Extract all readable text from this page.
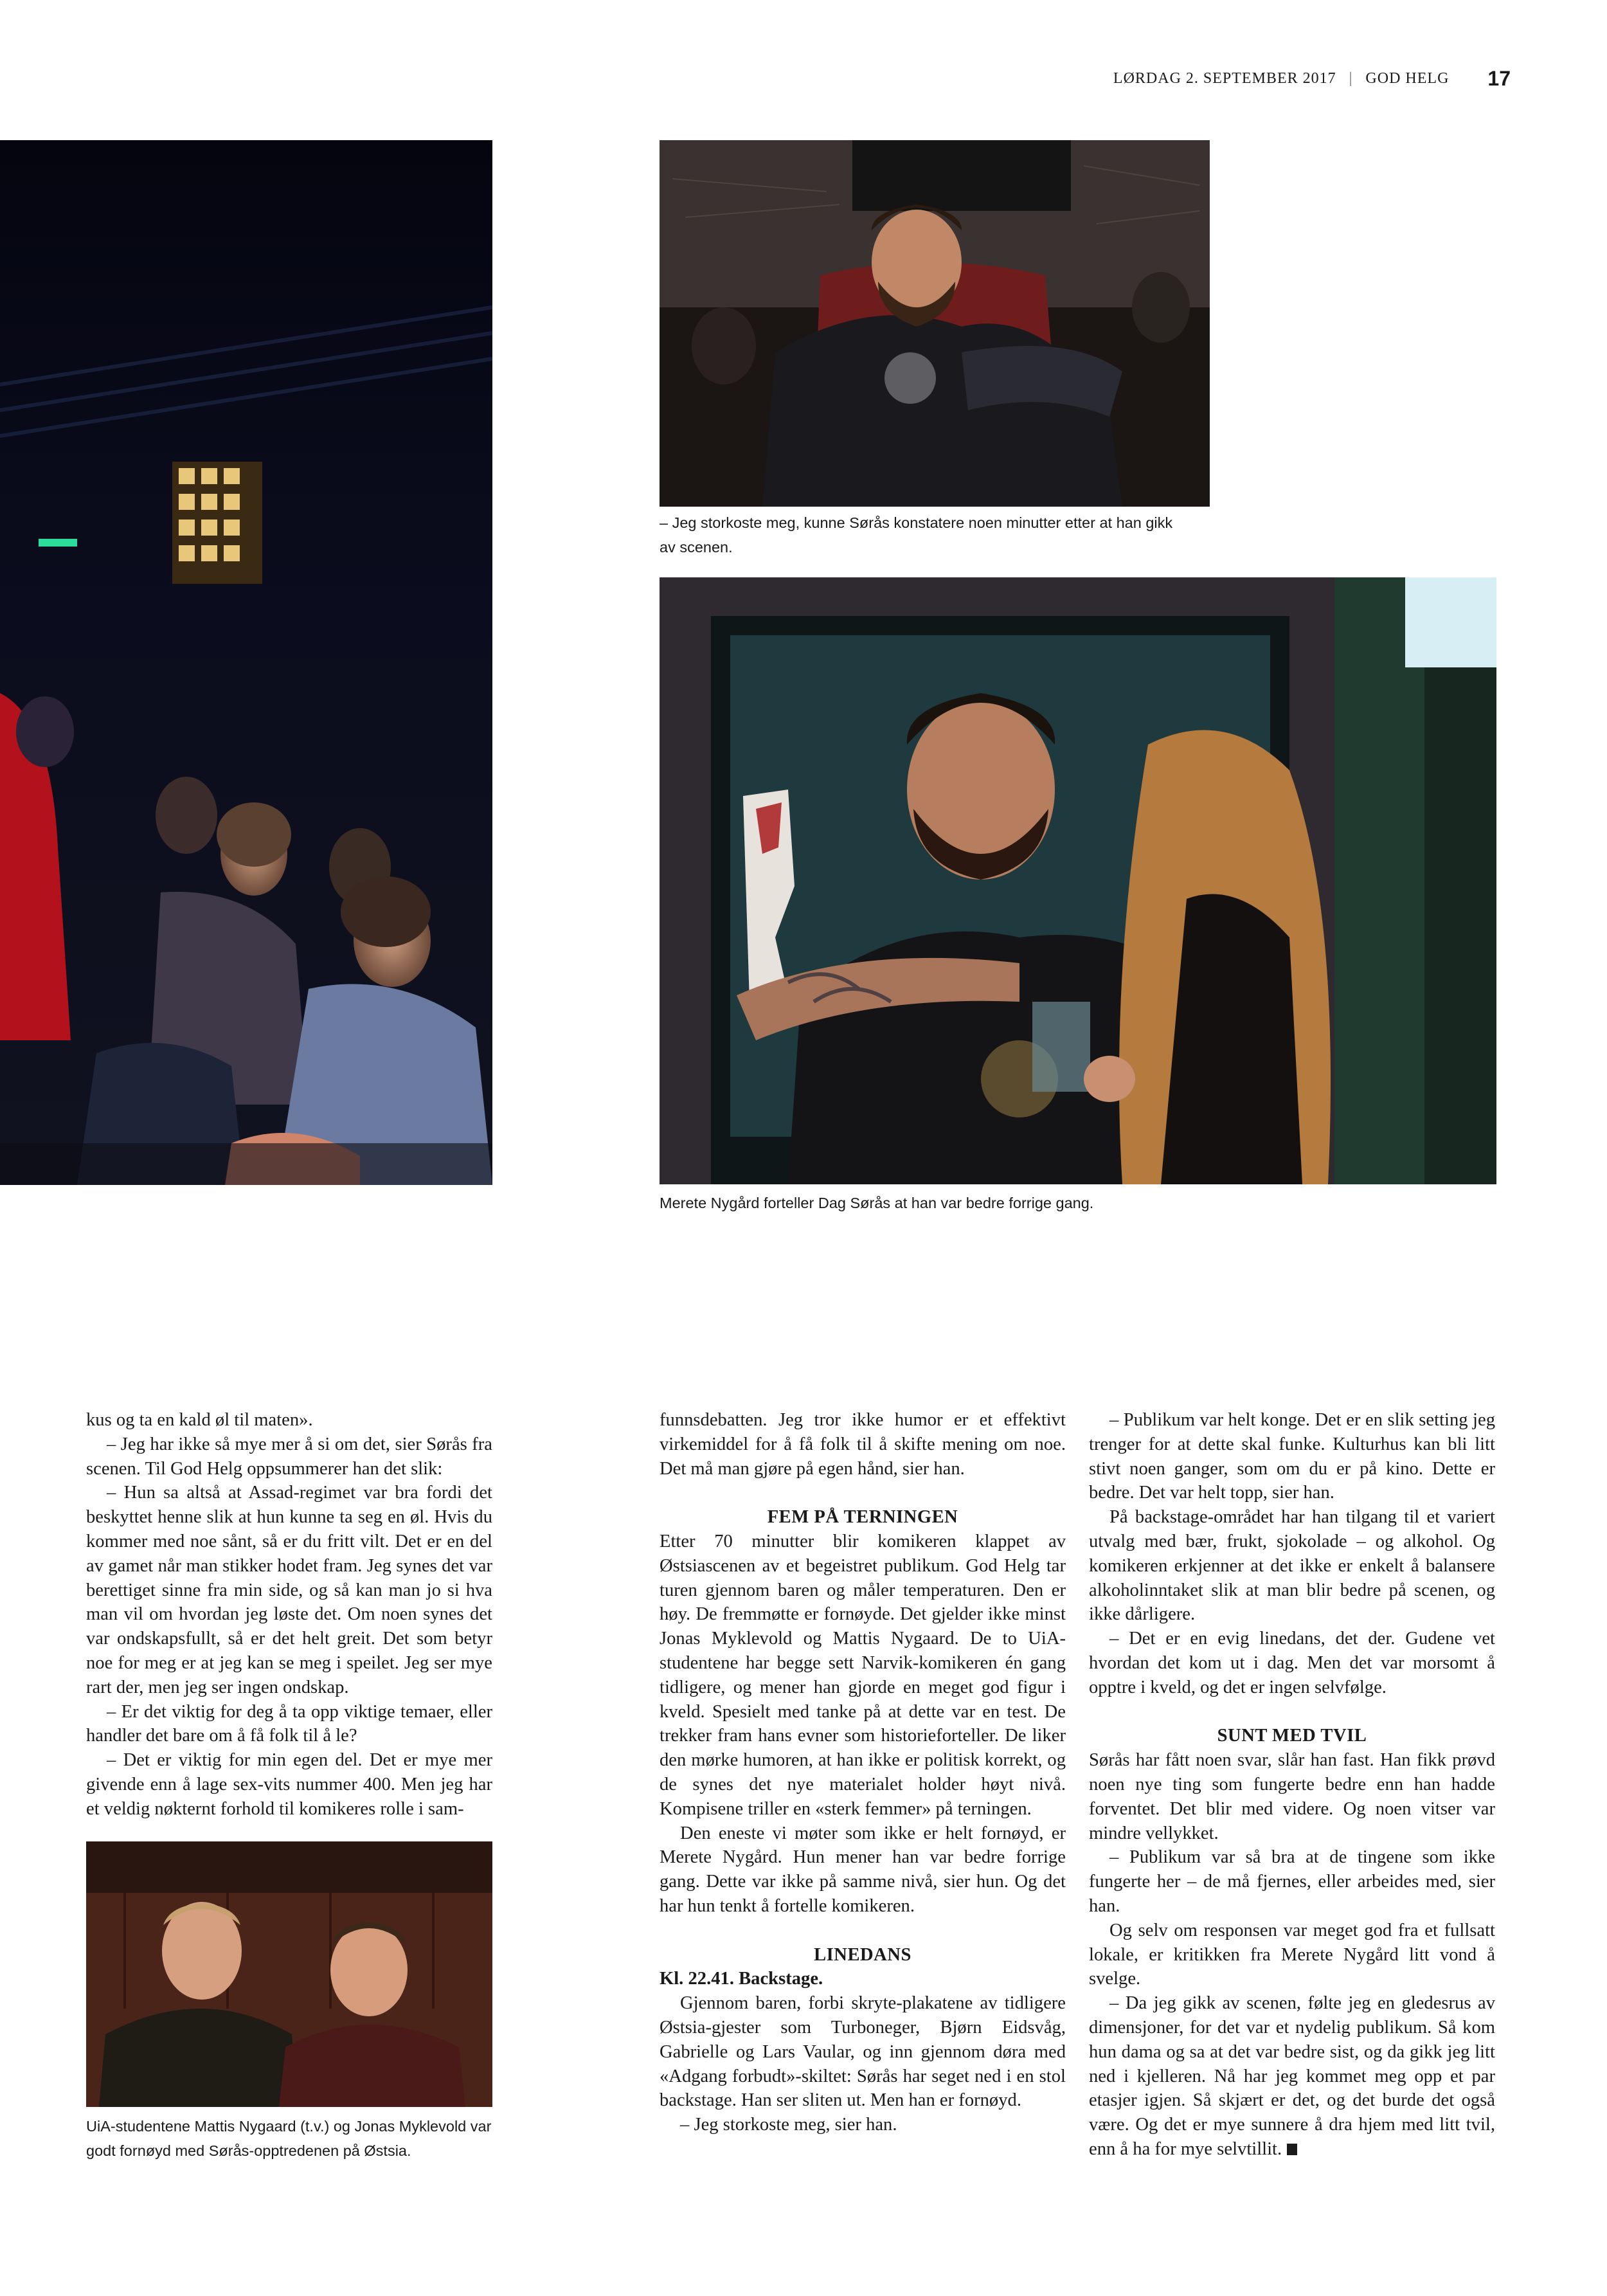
LØRDAG 2. SEPTEMBER 2017 | GOD HELG 17
– Jeg storkoste meg, kunne Sørås konstatere noen minutter etter at han gikk av scenen.
Merete Nygård forteller Dag Sørås at han var bedre forrige gang.

kus og ta en kald øl til maten».

– Jeg har ikke så mye mer å si om det, sier Sørås fra scenen. Til God Helg oppsummerer han det slik:

– Hun sa altså at Assad-regimet var bra fordi det beskyttet henne slik at hun kunne ta seg en øl. Hvis du kommer med noe sånt, så er du fritt vilt. Det er en del av gamet når man stikker hodet fram. Jeg synes det var berettiget sinne fra min side, og så kan man jo si hva man vil om hvordan jeg løste det. Om noen synes det var ondskapsfullt, så er det helt greit. Det som betyr noe for meg er at jeg kan se meg i speilet. Jeg ser mye rart der, men jeg ser ingen ondskap.

– Er det viktig for deg å ta opp viktige temaer, eller handler det bare om å få folk til å le?

– Det er viktig for min egen del. Det er mye mer givende enn å lage sex-vits nummer 400. Men jeg har et veldig nøkternt forhold til komikeres rolle i sam-

UiA-studentene Mattis Nygaard (t.v.) og Jonas Myklevold var godt fornøyd med Sørås-opptredenen på Østsia.

funnsdebatten. Jeg tror ikke humor er et effektivt virkemiddel for å få folk til å skifte mening om noe. Det må man gjøre på egen hånd, sier han.

FEM PÅ TERNINGEN

Etter 70 minutter blir komikeren klappet av Østsiascenen av et begeistret publikum. God Helg tar turen gjennom baren og måler temperaturen. Den er høy. De fremmøtte er fornøyde. Det gjelder ikke minst Jonas Myklevold og Mattis Nygaard. De to UiA-studentene har begge sett Narvik-komikeren én gang tidligere, og mener han gjorde en meget god figur i kveld. Spesielt med tanke på at dette var en test. De trekker fram hans evner som historieforteller. De liker den mørke humoren, at han ikke er politisk korrekt, og de synes det nye materialet holder høyt nivå. Kompisene triller en «sterk femmer» på terningen.

Den eneste vi møter som ikke er helt fornøyd, er Merete Nygård. Hun mener han var bedre forrige gang. Dette var ikke på samme nivå, sier hun. Og det har hun tenkt å fortelle komikeren.

LINEDANS

Kl. 22.41. Backstage.

Gjennom baren, forbi skryte-plakatene av tidligere Østsia-gjester som Turboneger, Bjørn Eidsvåg, Gabrielle og Lars Vaular, og inn gjennom døra med «Adgang forbudt»-skiltet: Sørås har seget ned i en stol backstage. Han ser sliten ut. Men han er fornøyd.

– Jeg storkoste meg, sier han.

– Publikum var helt konge. Det er en slik setting jeg trenger for at dette skal funke. Kulturhus kan bli litt stivt noen ganger, som om du er på kino. Dette er bedre. Det var helt topp, sier han.

På backstage-området har han tilgang til et variert utvalg med bær, frukt, sjokolade – og alkohol. Og komikeren erkjenner at det ikke er enkelt å balansere alkoholinntaket slik at man blir bedre på scenen, og ikke dårligere.

– Det er en evig linedans, det der. Gudene vet hvordan det kom ut i dag. Men det var morsomt å opptre i kveld, og det er ingen selvfølge.

SUNT MED TVIL

Sørås har fått noen svar, slår han fast. Han fikk prøvd noen nye ting som fungerte bedre enn han hadde forventet. Det blir med videre. Og noen vitser var mindre vellykket.

– Publikum var så bra at de tingene som ikke fungerte her – de må fjernes, eller arbeides med, sier han.

Og selv om responsen var meget god fra et fullsatt lokale, er kritikken fra Merete Nygård litt vond å svelge.

– Da jeg gikk av scenen, følte jeg en gledesrus av dimensjoner, for det var et nydelig publikum. Så kom hun dama og sa at det var bedre sist, og da gikk jeg litt ned i kjelleren. Nå har jeg kommet meg opp et par etasjer igjen. Så skjært er det, og det burde det også være. Og det er mye sunnere å dra hjem med litt tvil, enn å ha for mye selvtillit.
